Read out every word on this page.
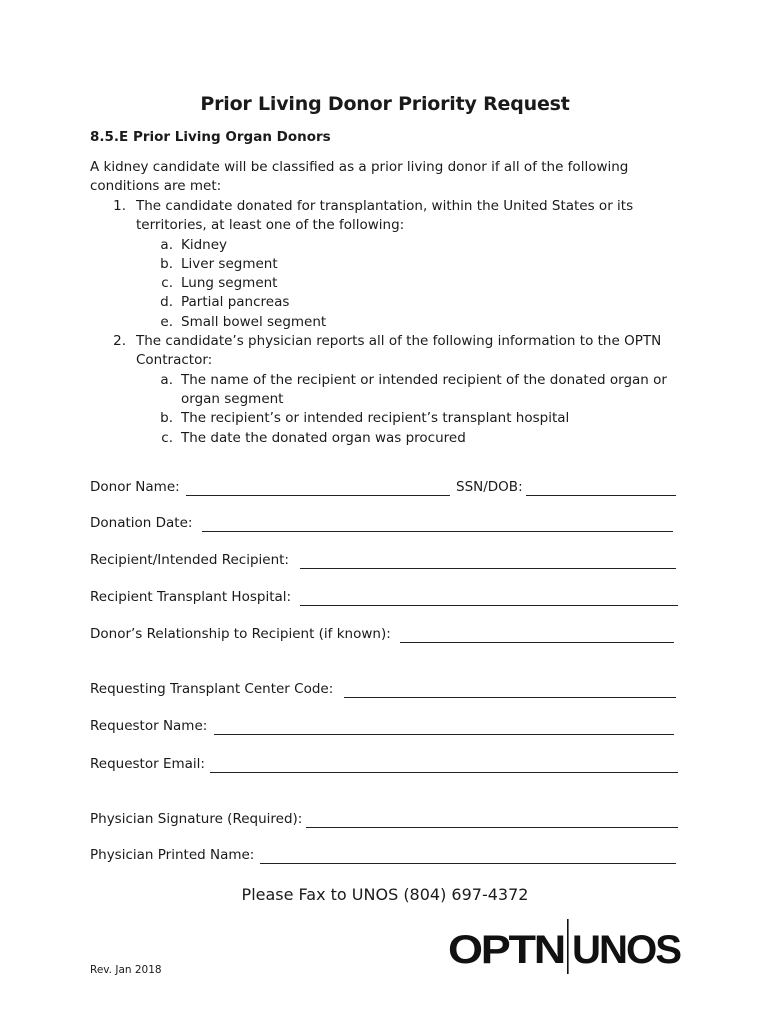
Prior Living Donor Priority Request
8.5.E Prior Living Organ Donors

A kidney candidate will be classified as a prior living donor if all of the following

conditions are met:

1. The candidate donated for transplantation, within the United States or its
territories, at least one of the following:
a. Kidney
b. Liver segment
c. Lung segment
d. Partial pancreas
e. Small bowel segment
2. The candidate’s physician reports all of the following information to the OPTN
Contractor:
a. The name of the recipient or intended recipient of the donated organ or
organ segment
b. The recipient’s or intended recipient’s transplant hospital
c. The date the donated organ was procured
Donor Name:	SSN/DOB:
Donation Date:
Recipient/Intended Recipient:
Recipient Transplant Hospital:
Donor’s Relationship to Recipient (if known):
Requesting Transplant Center Code:
Requestor Name:
Requestor Email:
Physician Signature (Required):
Physician Printed Name:
Please Fax to UNOS (804) 697-4372
Rev. Jan 2018	OPTN UNOS
